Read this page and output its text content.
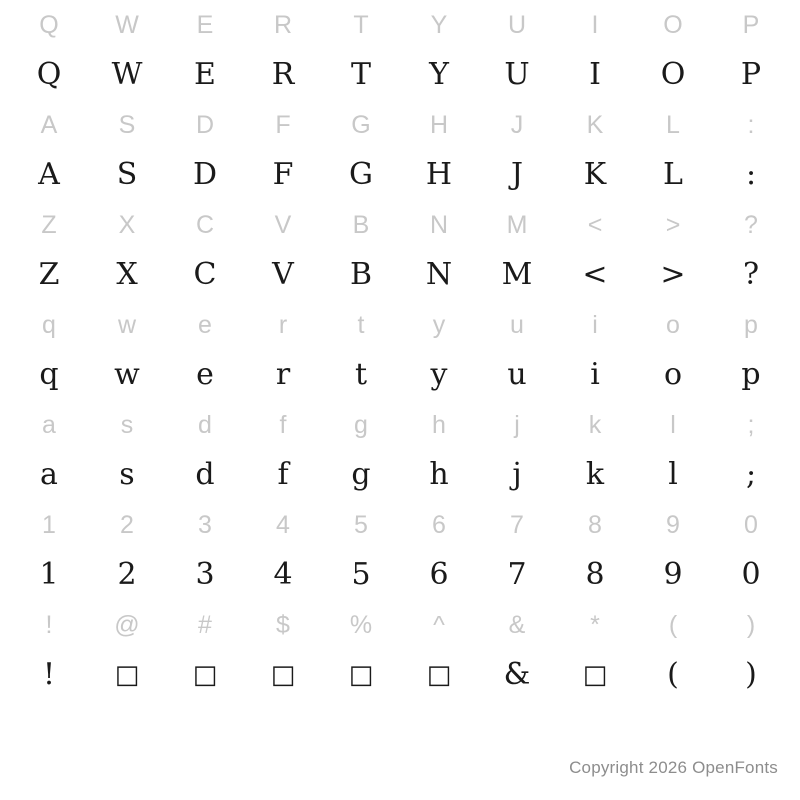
Q	W	E	R	T	Y	U	I	O	P
Q	W	E	R	T	Y	U	I	O	P
A	S	D	F	G	H	J	K	L	:
A	S	D	F	G	H	J	K	L	:
Z	X	C	V	B	N	M	<	>	?
Z	X	C	V	B	N	M	<	>	?
q	w	e	r	t	y	u	i	o	p
q	w	e	r	t	y	u	i	o	p
a	s	d	f	g	h	j	k	l	;
a	s	d	f	g	h	j	k	l	;
1	2	3	4	5	6	7	8	9	0
1	2	3	4	5	6	7	8	9	0
!	@	#	$	%	^	&	*	(	)
!	□	□	□	□	□	&	□	(	)
Copyright 2026 OpenFonts
